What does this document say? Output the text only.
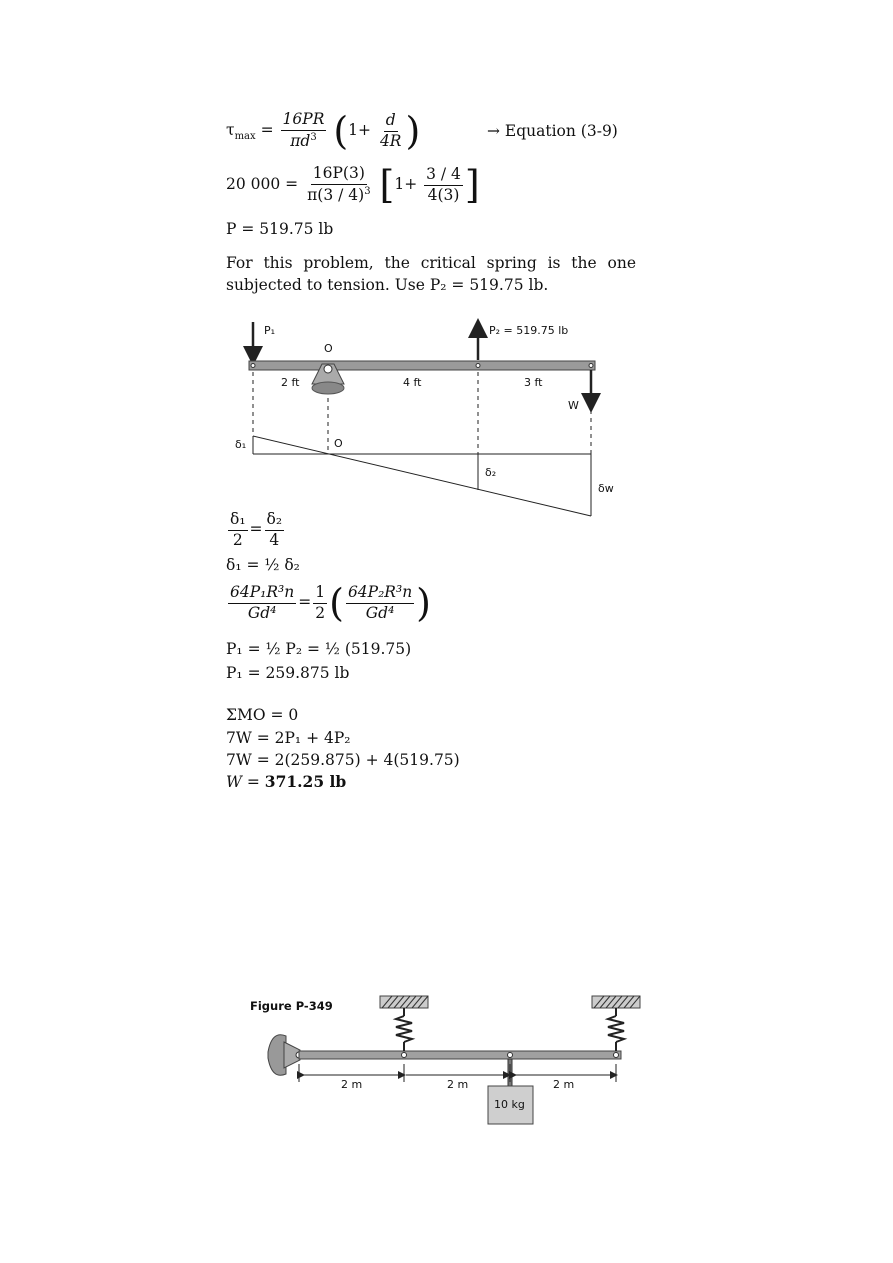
$\tau_{max} = \frac{16PR}{\pi d^3} (1+ \frac{d}{4R}$ )	→ Equation (3-9)
20 $000 = \frac{16P(3)}{\pi(3 / 4)^3} [1+ \frac{3 / 4}{4(3)}$ ]
P = 519.75 lb
For this problem, the critical spring is the one
subjected to tension. Use P₂ = 519.75 lb.
P₁	P₂ = 519.75 lb
O
2 ft	4 ft	3 ft
W
δ₁	O
δ₂
δw
$\frac{\text{δ₁}}{2} = \frac{\text{δ₂}}{4}$
δ₁ = ½ δ₂
$\frac{\text{64P₁R³n}}{\text{Gd⁴}} = \frac{1}{2}$ ( $\frac{\text{64P₂R³n}}{\text{Gd⁴}}$ )
P₁ = ½ P₂ = ½ (519.75)
P₁ = 259.875 lb
ΣMO = 0
7W = 2P₁ + 4P₂
7W = 2(259.875) + 4(519.75)
W = 371.25 lb
Figure P-349
2 m	2 m	2 m
10 kg
